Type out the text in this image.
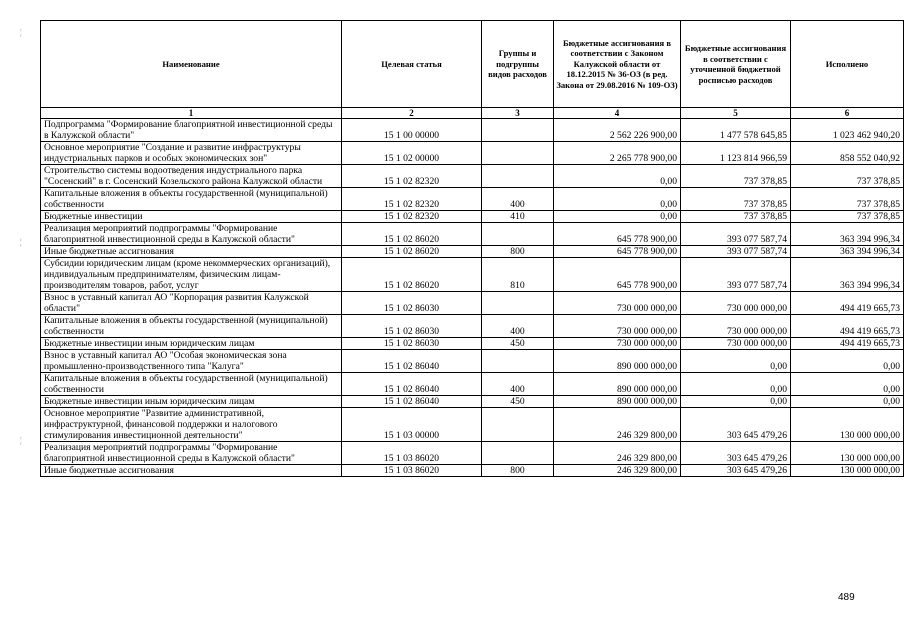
¦
¦
¦
Наименование	Целевая статья	Группы и подгруппы видов расходов	Бюджетные ассигнования в соответствии с Законом Калужской области от 18.12.2015 № 36-ОЗ (в ред. Закона от 29.08.2016 № 109-ОЗ)	Бюджетные ассигнования в соответствии с уточненной бюджетной росписью расходов	Исполнено
1	2	3	4	5	6
Подпрограмма "Формирование благоприятной инвестиционной среды в Калужской области"	15 1 00 00000		2 562 226 900,00	1 477 578 645,85	1 023 462 940,20
Основное мероприятие "Создание и развитие инфраструктуры индустриальных парков и особых экономических зон"	15 1 02 00000		2 265 778 900,00	1 123 814 966,59	858 552 040,92
Строительство системы водоотведения индустриального парка "Сосенский" в г. Сосенский Козельского района Калужской области	15 1 02 82320		0,00	737 378,85	737 378,85
Капитальные вложения в объекты государственной (муниципальной) собственности	15 1 02 82320	400	0,00	737 378,85	737 378,85
Бюджетные инвестиции	15 1 02 82320	410	0,00	737 378,85	737 378,85
Реализация мероприятий подпрограммы "Формирование благоприятной инвестиционной среды в Калужской области"	15 1 02 86020		645 778 900,00	393 077 587,74	363 394 996,34
Иные бюджетные ассигнования	15 1 02 86020	800	645 778 900,00	393 077 587,74	363 394 996,34
Субсидии юридическим лицам (кроме некоммерческих организаций), индивидуальным предпринимателям, физическим лицам-производителям товаров, работ, услуг	15 1 02 86020	810	645 778 900,00	393 077 587,74	363 394 996,34
Взнос в уставный капитал АО "Корпорация развития Калужской области"	15 1 02 86030		730 000 000,00	730 000 000,00	494 419 665,73
Капитальные вложения в объекты государственной (муниципальной) собственности	15 1 02 86030	400	730 000 000,00	730 000 000,00	494 419 665,73
Бюджетные инвестиции иным юридическим лицам	15 1 02 86030	450	730 000 000,00	730 000 000,00	494 419 665,73
Взнос в уставный капитал АО "Особая экономическая зона промышленно-производственного типа "Калуга"	15 1 02 86040		890 000 000,00	0,00	0,00
Капитальные вложения в объекты государственной (муниципальной) собственности	15 1 02 86040	400	890 000 000,00	0,00	0,00
Бюджетные инвестиции иным юридическим лицам	15 1 02 86040	450	890 000 000,00	0,00	0,00
Основное мероприятие "Развитие административной, инфраструктурной, финансовой поддержки и налогового стимулирования инвестиционной деятельности"	15 1 03 00000		246 329 800,00	303 645 479,26	130 000 000,00
Реализация мероприятий подпрограммы "Формирование благоприятной инвестиционной среды в Калужской области"	15 1 03 86020		246 329 800,00	303 645 479,26	130 000 000,00
Иные бюджетные ассигнования	15 1 03 86020	800	246 329 800,00	303 645 479,26	130 000 000,00
489
